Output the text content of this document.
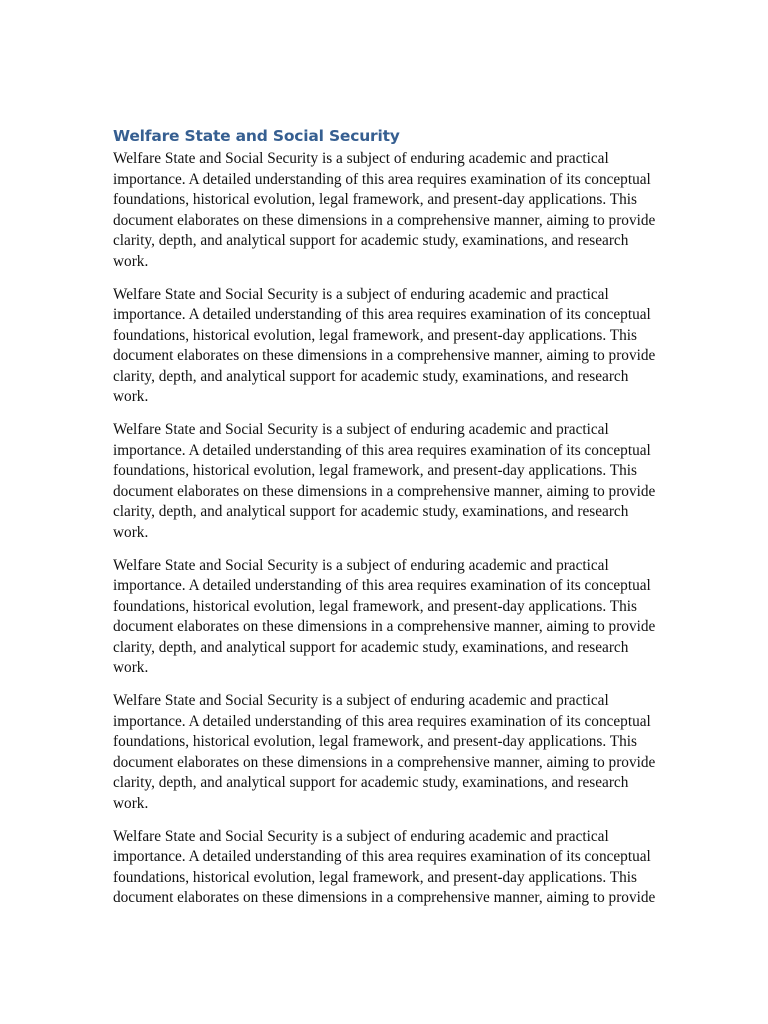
Welfare State and Social Security

Welfare State and Social Security is a subject of enduring academic and practical
importance. A detailed understanding of this area requires examination of its conceptual
foundations, historical evolution, legal framework, and present-day applications. This
document elaborates on these dimensions in a comprehensive manner, aiming to provide
clarity, depth, and analytical support for academic study, examinations, and research
work.

Welfare State and Social Security is a subject of enduring academic and practical
importance. A detailed understanding of this area requires examination of its conceptual
foundations, historical evolution, legal framework, and present-day applications. This
document elaborates on these dimensions in a comprehensive manner, aiming to provide
clarity, depth, and analytical support for academic study, examinations, and research
work.

Welfare State and Social Security is a subject of enduring academic and practical
importance. A detailed understanding of this area requires examination of its conceptual
foundations, historical evolution, legal framework, and present-day applications. This
document elaborates on these dimensions in a comprehensive manner, aiming to provide
clarity, depth, and analytical support for academic study, examinations, and research
work.

Welfare State and Social Security is a subject of enduring academic and practical
importance. A detailed understanding of this area requires examination of its conceptual
foundations, historical evolution, legal framework, and present-day applications. This
document elaborates on these dimensions in a comprehensive manner, aiming to provide
clarity, depth, and analytical support for academic study, examinations, and research
work.

Welfare State and Social Security is a subject of enduring academic and practical
importance. A detailed understanding of this area requires examination of its conceptual
foundations, historical evolution, legal framework, and present-day applications. This
document elaborates on these dimensions in a comprehensive manner, aiming to provide
clarity, depth, and analytical support for academic study, examinations, and research
work.

Welfare State and Social Security is a subject of enduring academic and practical
importance. A detailed understanding of this area requires examination of its conceptual
foundations, historical evolution, legal framework, and present-day applications. This
document elaborates on these dimensions in a comprehensive manner, aiming to provide
